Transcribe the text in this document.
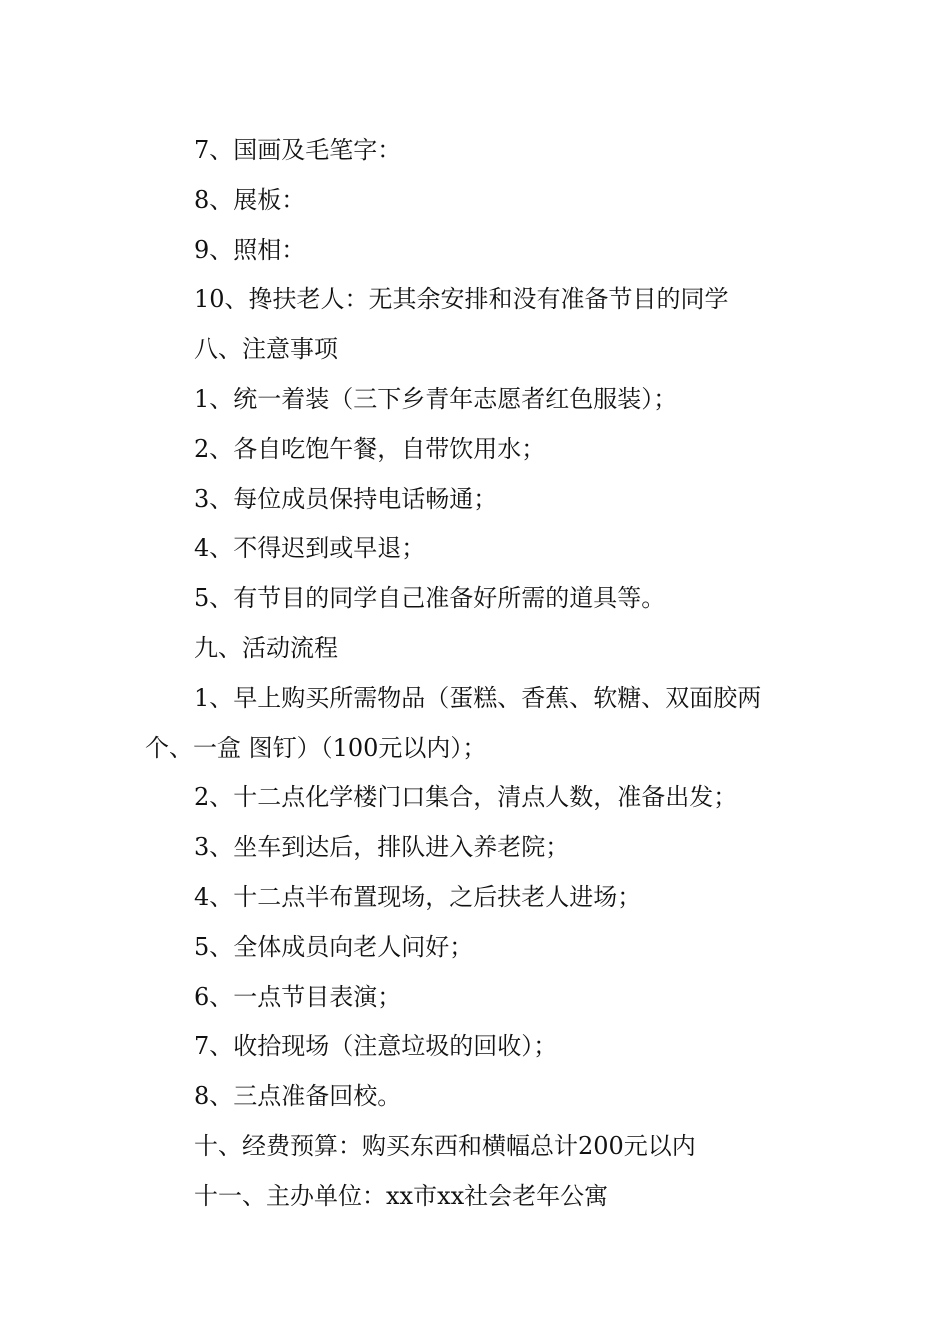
7、国画及毛笔字：
8、展板：
9、照相：
10、搀扶老人：无其余安排和没有准备节目的同学
八、注意事项
1、统一着装（三下乡青年志愿者红色服装）；
2、各自吃饱午餐，自带饮用水；
3、每位成员保持电话畅通；
4、不得迟到或早退；
5、有节目的同学自己准备好所需的道具等。
九、活动流程
1、早上购买所需物品（蛋糕、香蕉、软糖、双面胶两
个、一盒 图钉）（100元以内）；
2、十二点化学楼门口集合，清点人数，准备出发；
3、坐车到达后，排队进入养老院；
4、十二点半布置现场，之后扶老人进场；
5、全体成员向老人问好；
6、一点节目表演；
7、收拾现场（注意垃圾的回收）；
8、三点准备回校。
十、经费预算：购买东西和横幅总计200元以内
十一、主办单位：xx市xx社会老年公寓
